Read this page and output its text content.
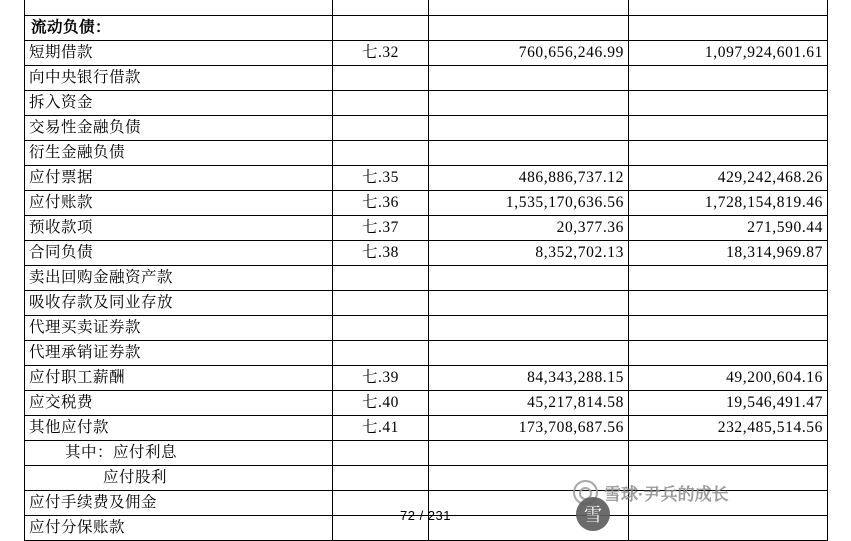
流动负债：			
短期借款	七.32	760,656,246.99	1,097,924,601.61
向中央银行借款			
拆入资金			
交易性金融负债			
衍生金融负债			
应付票据	七.35	486,886,737.12	429,242,468.26
应付账款	七.36	1,535,170,636.56	1,728,154,819.46
预收款项	七.37	20,377.36	271,590.44
合同负债	七.38	8,352,702.13	18,314,969.87
卖出回购金融资产款			
吸收存款及同业存放			
代理买卖证券款			
代理承销证券款			
应付职工薪酬	七.39	84,343,288.15	49,200,604.16
应交税费	七.40	45,217,814.58	19,546,491.47
其他应付款	七.41	173,708,687.56	232,485,514.56
其中：应付利息			
应付股利			
应付手续费及佣金			
应付分保账款			
雪球·尹兵的成长
雪
72 / 231
